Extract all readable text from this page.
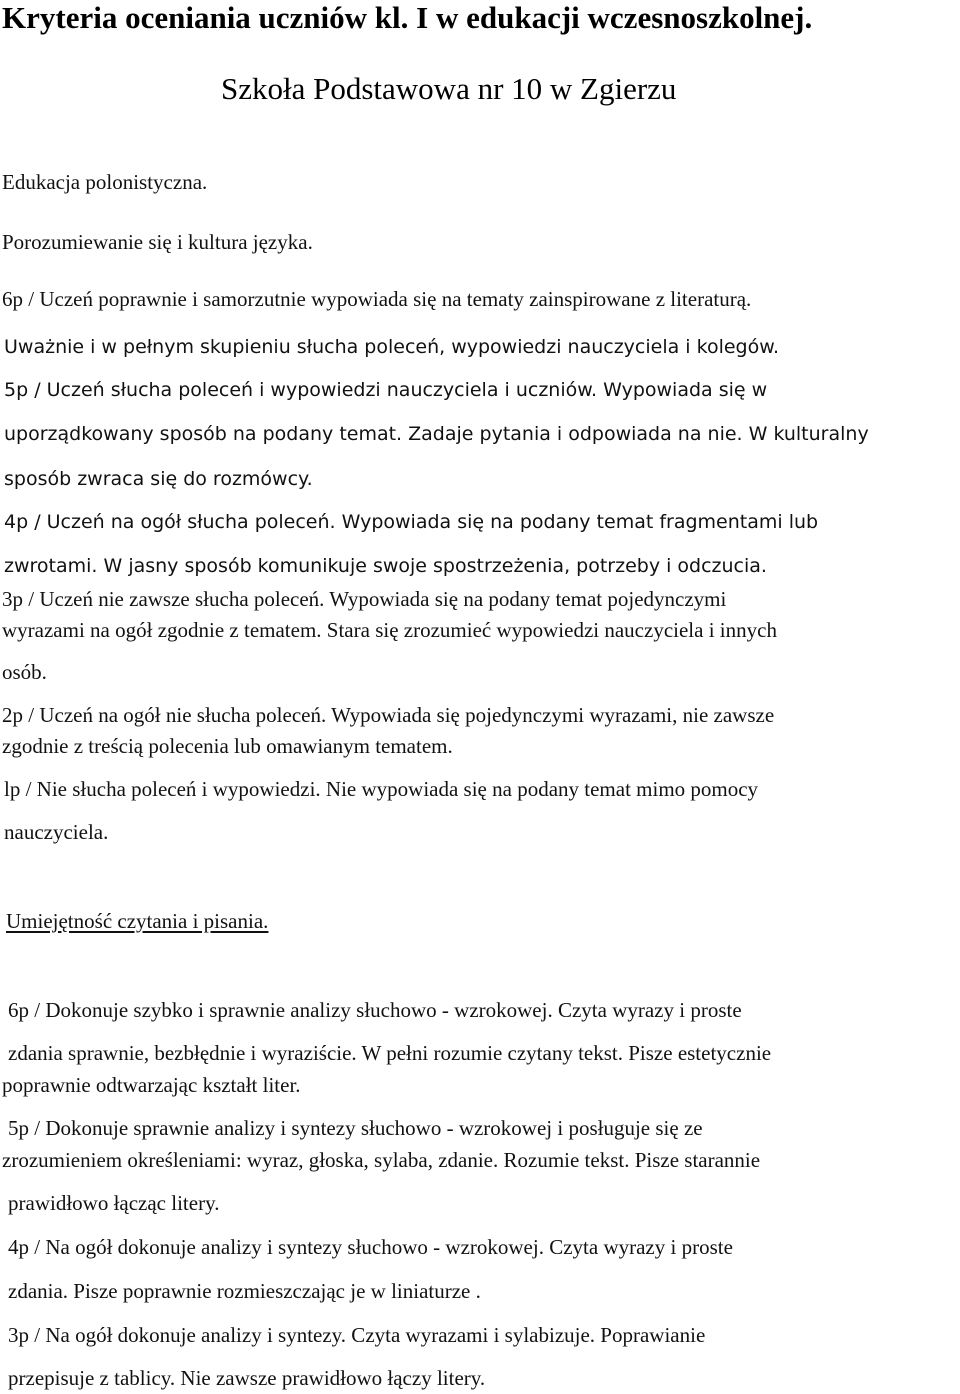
Kryteria oceniania uczniów kl. I w edukacji wczesnoszkolnej.
Szkoła Podstawowa nr 10 w Zgierzu
Edukacja polonistyczna.
Porozumiewanie się i kultura języka.
6p / Uczeń poprawnie i samorzutnie wypowiada się na tematy zainspirowane z literaturą.
Uważnie i w pełnym skupieniu słucha poleceń, wypowiedzi nauczyciela i kolegów.
5p / Uczeń słucha poleceń i wypowiedzi nauczyciela i uczniów. Wypowiada się w
uporządkowany sposób na podany temat. Zadaje pytania i odpowiada na nie. W kulturalny
sposób zwraca się do rozmówcy.
4p / Uczeń na ogół słucha poleceń. Wypowiada się na podany temat fragmentami lub
zwrotami. W jasny sposób komunikuje swoje spostrzeżenia, potrzeby i odczucia.
3p / Uczeń nie zawsze słucha poleceń. Wypowiada się na podany temat pojedynczymi
wyrazami na ogół zgodnie z tematem. Stara się zrozumieć wypowiedzi nauczyciela i innych
osób.
2p / Uczeń na ogół nie słucha poleceń. Wypowiada się pojedynczymi wyrazami, nie zawsze
zgodnie z treścią polecenia lub omawianym tematem.
lp / Nie słucha poleceń i wypowiedzi. Nie wypowiada się na podany temat mimo pomocy
nauczyciela.
Umiejętność czytania i pisania.
6p / Dokonuje szybko i sprawnie analizy słuchowo - wzrokowej. Czyta wyrazy i proste
zdania sprawnie, bezbłędnie i wyraziście. W pełni rozumie czytany tekst. Pisze estetycznie
poprawnie odtwarzając kształt liter.
5p / Dokonuje sprawnie analizy i syntezy słuchowo - wzrokowej i posługuje się ze
zrozumieniem określeniami: wyraz, głoska, sylaba, zdanie. Rozumie tekst. Pisze starannie
prawidłowo łącząc litery.
4p / Na ogół dokonuje analizy i syntezy słuchowo - wzrokowej. Czyta wyrazy i proste
zdania. Pisze poprawnie rozmieszczając je w liniaturze .
3p / Na ogół dokonuje analizy i syntezy. Czyta wyrazami i sylabizuje. Poprawianie
przepisuje z tablicy. Nie zawsze prawidłowo łączy litery.
